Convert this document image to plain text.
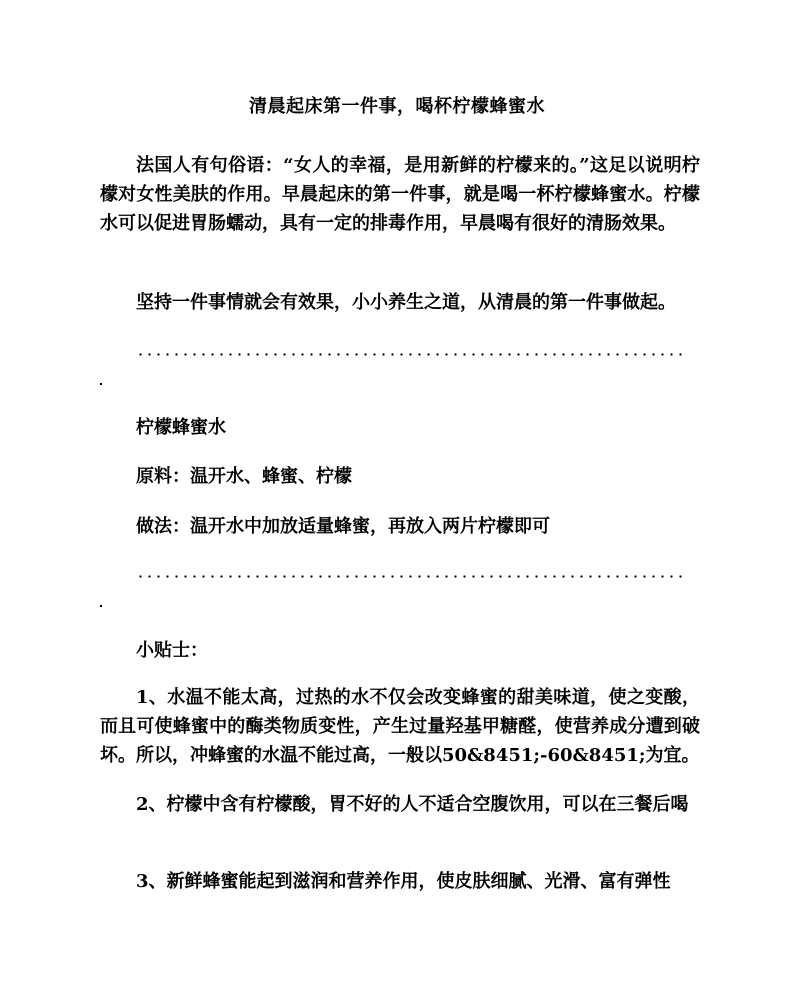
清晨起床第一件事，喝杯柠檬蜂蜜水
法国人有句俗语：“女人的幸福，是用新鲜的柠檬来的。”这足以说明柠檬对女性美肤的作用。早晨起床的第一件事，就是喝一杯柠檬蜂蜜水。柠檬水可以促进胃肠蠕动，具有一定的排毒作用，早晨喝有很好的清肠效果。
坚持一件事情就会有效果，小小养生之道，从清晨的第一件事做起。
柠檬蜂蜜水
原料：温开水、蜂蜜、柠檬
做法：温开水中加放适量蜂蜜，再放入两片柠檬即可
小贴士：
1、水温不能太高，过热的水不仅会改变蜂蜜的甜美味道，使之变酸，而且可使蜂蜜中的酶类物质变性，产生过量羟基甲糖醛，使营养成分遭到破坏。所以，冲蜂蜜的水温不能过高，一般以50&8451;-60&8451;为宜。
2、柠檬中含有柠檬酸，胃不好的人不适合空腹饮用，可以在三餐后喝
3、新鲜蜂蜜能起到滋润和营养作用，使皮肤细腻、光滑、富有弹性
